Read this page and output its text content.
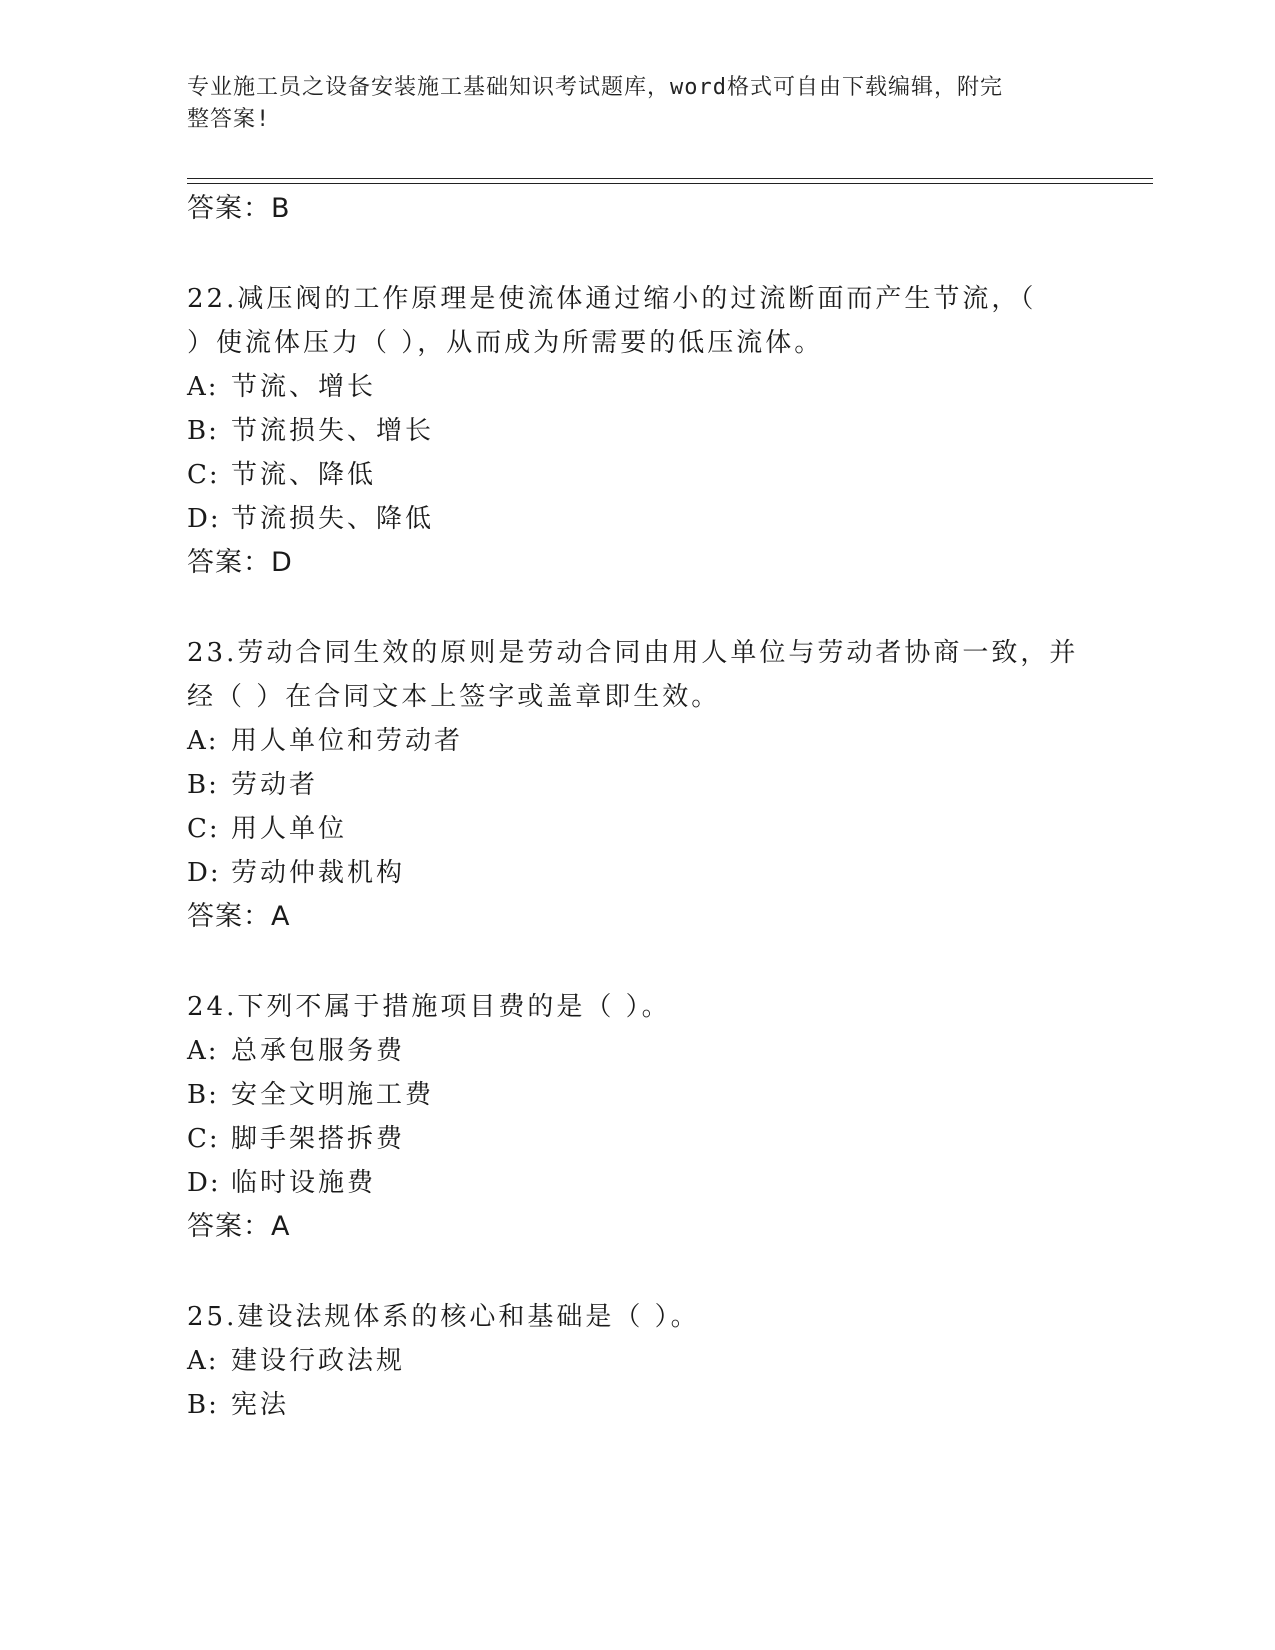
专业施工员之设备安装施工基础知识考试题库，word格式可自由下载编辑，附完
整答案!
答案：B
22.减压阀的工作原理是使流体通过缩小的过流断面而产生节流，（
）使流体压力（ ），从而成为所需要的低压流体。
A: 节流、增长
B: 节流损失、增长
C: 节流、降低
D: 节流损失、降低
答案：D
23.劳动合同生效的原则是劳动合同由用人单位与劳动者协商一致，并
经（ ）在合同文本上签字或盖章即生效。
A: 用人单位和劳动者
B: 劳动者
C: 用人单位
D: 劳动仲裁机构
答案：A
24.下列不属于措施项目费的是（ ）。
A: 总承包服务费
B: 安全文明施工费
C: 脚手架搭拆费
D: 临时设施费
答案：A
25.建设法规体系的核心和基础是（ ）。
A: 建设行政法规
B: 宪法
